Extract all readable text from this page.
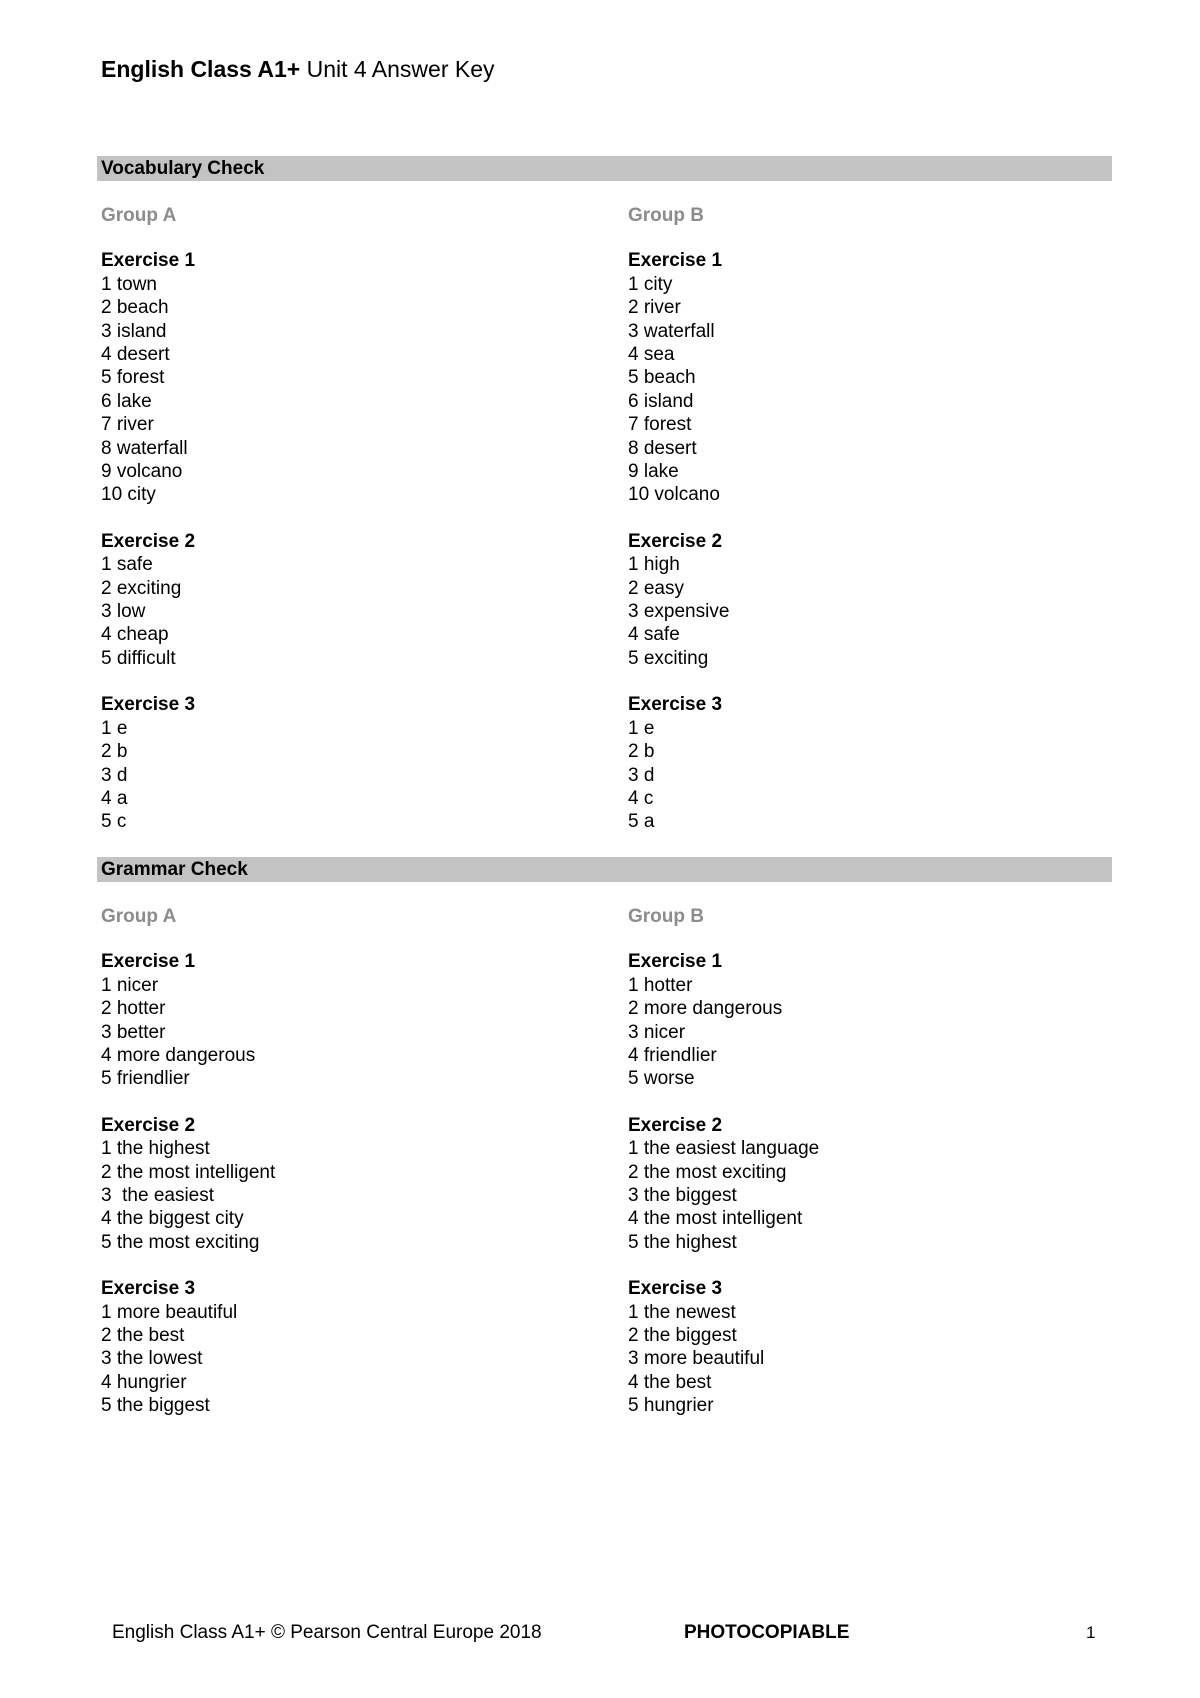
English Class A1+ Unit 4 Answer Key
Vocabulary Check
Group A
Exercise 1
1 town
2 beach
3 island
4 desert
5 forest
6 lake
7 river
8 waterfall
9 volcano
10 city
Exercise 2
1 safe
2 exciting
3 low
4 cheap
5 difficult
Exercise 3
1 e
2 b
3 d
4 a
5 c
Group B
Exercise 1
1 city
2 river
3 waterfall
4 sea
5 beach
6 island
7 forest
8 desert
9 lake
10 volcano
Exercise 2
1 high
2 easy
3 expensive
4 safe
5 exciting
Exercise 3
1 e
2 b
3 d
4 c
5 a
Grammar Check
Group A
Exercise 1
1 nicer
2 hotter
3 better
4 more dangerous
5 friendlier
Exercise 2
1 the highest
2 the most intelligent
3  the easiest
4 the biggest city
5 the most exciting
Exercise 3
1 more beautiful
2 the best
3 the lowest
4 hungrier
5 the biggest
Group B
Exercise 1
1 hotter
2 more dangerous
3 nicer
4 friendlier
5 worse
Exercise 2
1 the easiest language
2 the most exciting
3 the biggest
4 the most intelligent
5 the highest
Exercise 3
1 the newest
2 the biggest
3 more beautiful
4 the best
5 hungrier
English Class A1+ © Pearson Central Europe 2018	PHOTOCOPIABLE	1
